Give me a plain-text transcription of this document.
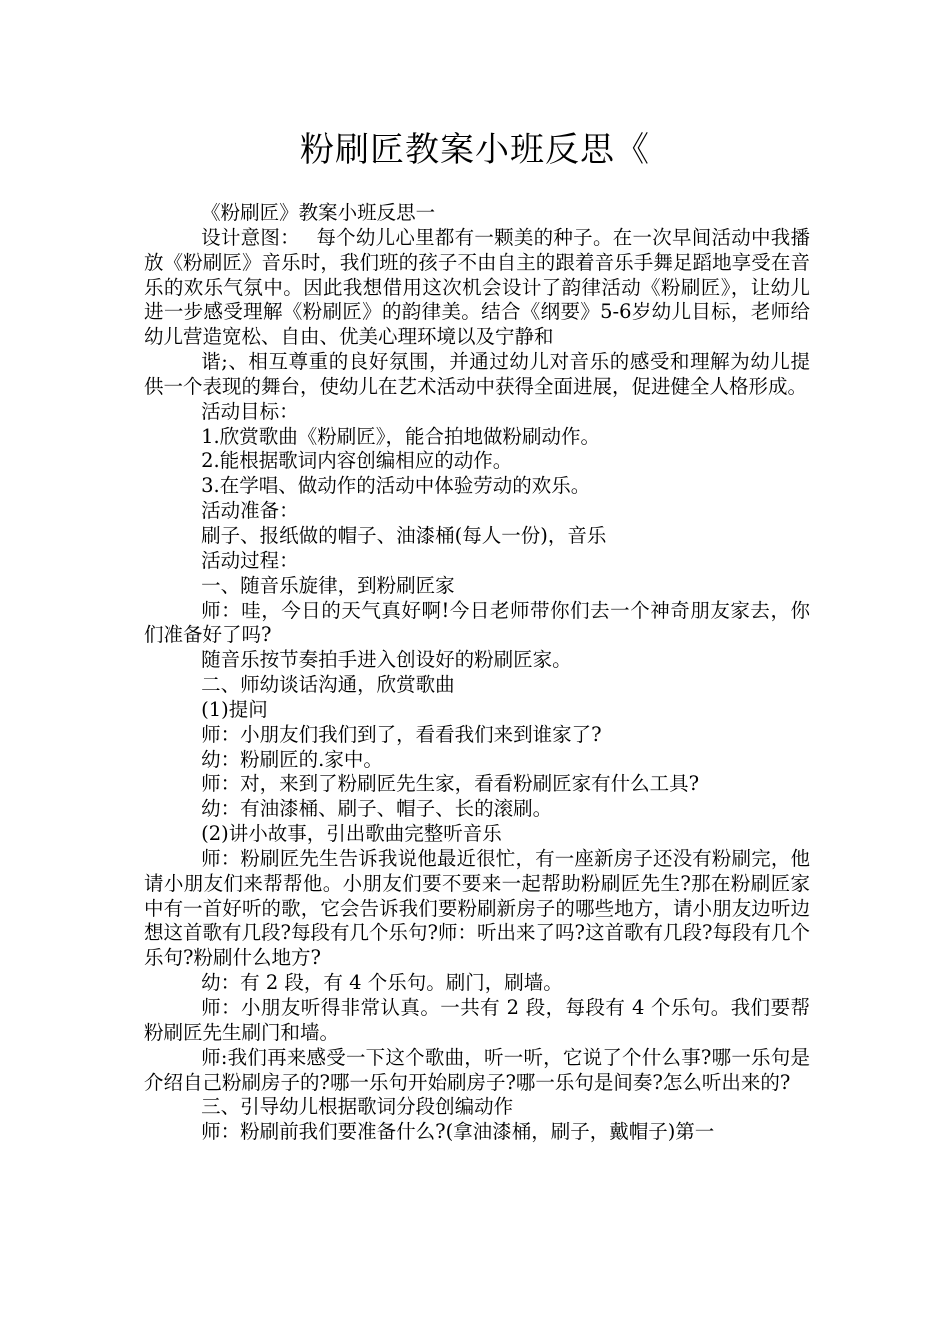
粉刷匠教案小班反思《

《粉刷匠》教案小班反思一

设计意图：　 每个幼儿心里都有一颗美的种子。在一次早间活动中我播放《粉刷匠》音乐时，我们班的孩子不由自主的跟着音乐手舞足蹈地享受在音乐的欢乐气氛中。因此我想借用这次机会设计了韵律活动《粉刷匠》，让幼儿进一步感受理解《粉刷匠》的韵律美。结合《纲要》5-6岁幼儿目标，老师给幼儿营造宽松、自由、优美心理环境以及宁静和

谐;、相互尊重的良好氛围，并通过幼儿对音乐的感受和理解为幼儿提供一个表现的舞台，使幼儿在艺术活动中获得全面进展，促进健全人格形成。

活动目标：

1.欣赏歌曲《粉刷匠》，能合拍地做粉刷动作。

2.能根据歌词内容创编相应的动作。

3.在学唱、做动作的活动中体验劳动的欢乐。

活动准备：

刷子、报纸做的帽子、油漆桶(每人一份)，音乐

活动过程：

一、随音乐旋律，到粉刷匠家

师：哇，今日的天气真好啊!今日老师带你们去一个神奇朋友家去，你们准备好了吗?

随音乐按节奏拍手进入创设好的粉刷匠家。

二、师幼谈话沟通，欣赏歌曲

(1)提问

师：小朋友们我们到了，看看我们来到谁家了?

幼：粉刷匠的.家中。

师：对，来到了粉刷匠先生家，看看粉刷匠家有什么工具?

幼：有油漆桶、刷子、帽子、长的滚刷。

(2)讲小故事，引出歌曲完整听音乐

师：粉刷匠先生告诉我说他最近很忙，有一座新房子还没有粉刷完，他请小朋友们来帮帮他。小朋友们要不要来一起帮助粉刷匠先生?那在粉刷匠家中有一首好听的歌，它会告诉我们要粉刷新房子的哪些地方，请小朋友边听边想这首歌有几段?每段有几个乐句?师：听出来了吗?这首歌有几段?每段有几个乐句?粉刷什么地方?

幼：有 2 段，有 4 个乐句。刷门，刷墙。

师：小朋友听得非常认真。一共有 2 段，每段有 4 个乐句。我们要帮粉刷匠先生刷门和墙。

师:我们再来感受一下这个歌曲，听一听，它说了个什么事?哪一乐句是介绍自己粉刷房子的?哪一乐句开始刷房子?哪一乐句是间奏?怎么听出来的?

三、引导幼儿根据歌词分段创编动作

师：粉刷前我们要准备什么?(拿油漆桶，刷子，戴帽子)第一
